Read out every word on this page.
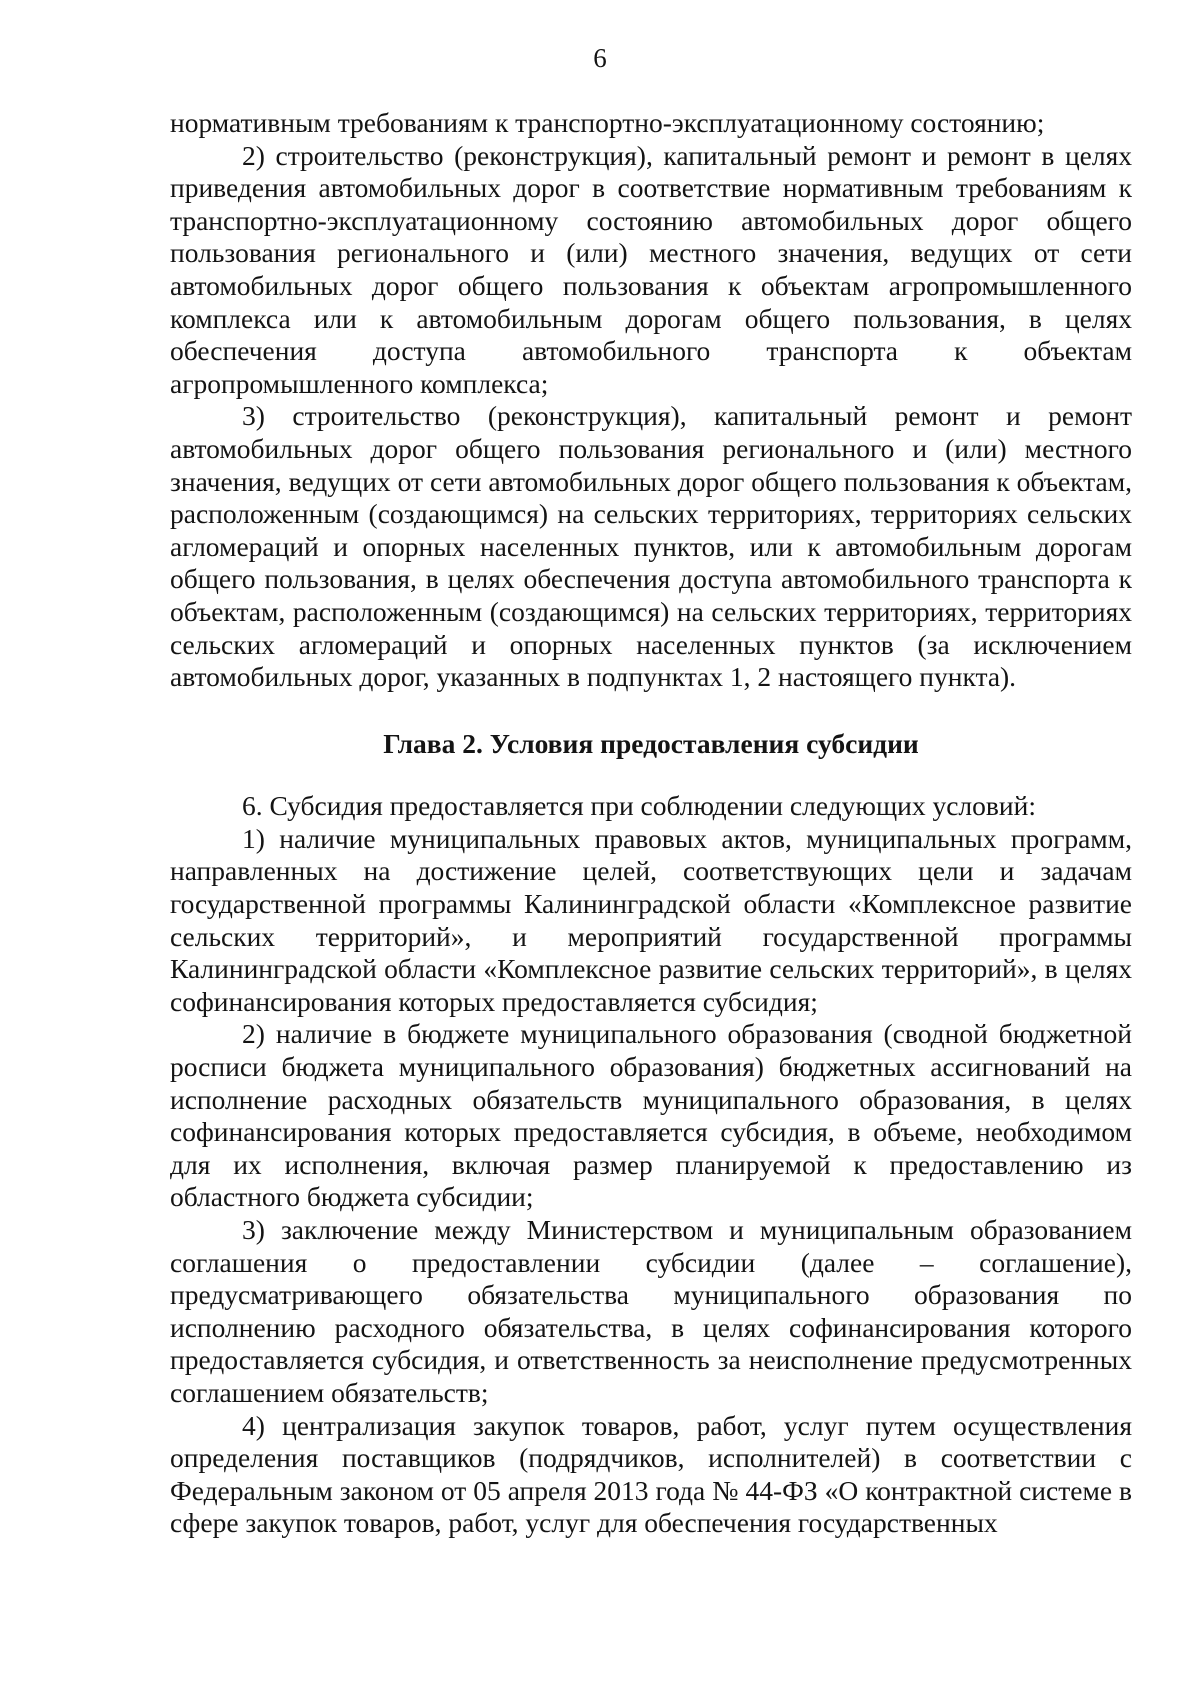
6

нормативным требованиям к транспортно-эксплуатационному состоянию;

2) строительство (реконструкция), капитальный ремонт и ремонт в целях приведения автомобильных дорог в соответствие нормативным требованиям к транспортно-эксплуатационному состоянию автомобильных дорог общего пользования регионального и (или) местного значения, ведущих от сети автомобильных дорог общего пользования к объектам агропромышленного комплекса или к автомобильным дорогам общего пользования, в целях обеспечения доступа автомобильного транспорта к объектам агропромышленного комплекса;

3) строительство (реконструкция), капитальный ремонт и ремонт автомобильных дорог общего пользования регионального и (или) местного значения, ведущих от сети автомобильных дорог общего пользования к объектам, расположенным (создающимся) на сельских территориях, территориях сельских агломераций и опорных населенных пунктов, или к автомобильным дорогам общего пользования, в целях обеспечения доступа автомобильного транспорта к объектам, расположенным (создающимся) на сельских территориях, территориях сельских агломераций и опорных населенных пунктов (за исключением автомобильных дорог, указанных в подпунктах 1, 2 настоящего пункта).

Глава 2. Условия предоставления субсидии

6. Субсидия предоставляется при соблюдении следующих условий:

1) наличие муниципальных правовых актов, муниципальных программ, направленных на достижение целей, соответствующих цели и задачам государственной программы Калининградской области «Комплексное развитие сельских территорий», и мероприятий государственной программы Калининградской области «Комплексное развитие сельских территорий», в целях софинансирования которых предоставляется субсидия;

2) наличие в бюджете муниципального образования (сводной бюджетной росписи бюджета муниципального образования) бюджетных ассигнований на исполнение расходных обязательств муниципального образования, в целях софинансирования которых предоставляется субсидия, в объеме, необходимом для их исполнения, включая размер планируемой к предоставлению из областного бюджета субсидии;

3) заключение между Министерством и муниципальным образованием соглашения о предоставлении субсидии (далее – соглашение), предусматривающего обязательства муниципального образования по исполнению расходного обязательства, в целях софинансирования которого предоставляется субсидия, и ответственность за неисполнение предусмотренных соглашением обязательств;

4) централизация закупок товаров, работ, услуг путем осуществления определения поставщиков (подрядчиков, исполнителей) в соответствии с Федеральным законом от 05 апреля 2013 года № 44-ФЗ «О контрактной системе в сфере закупок товаров, работ, услуг для обеспечения государственных
